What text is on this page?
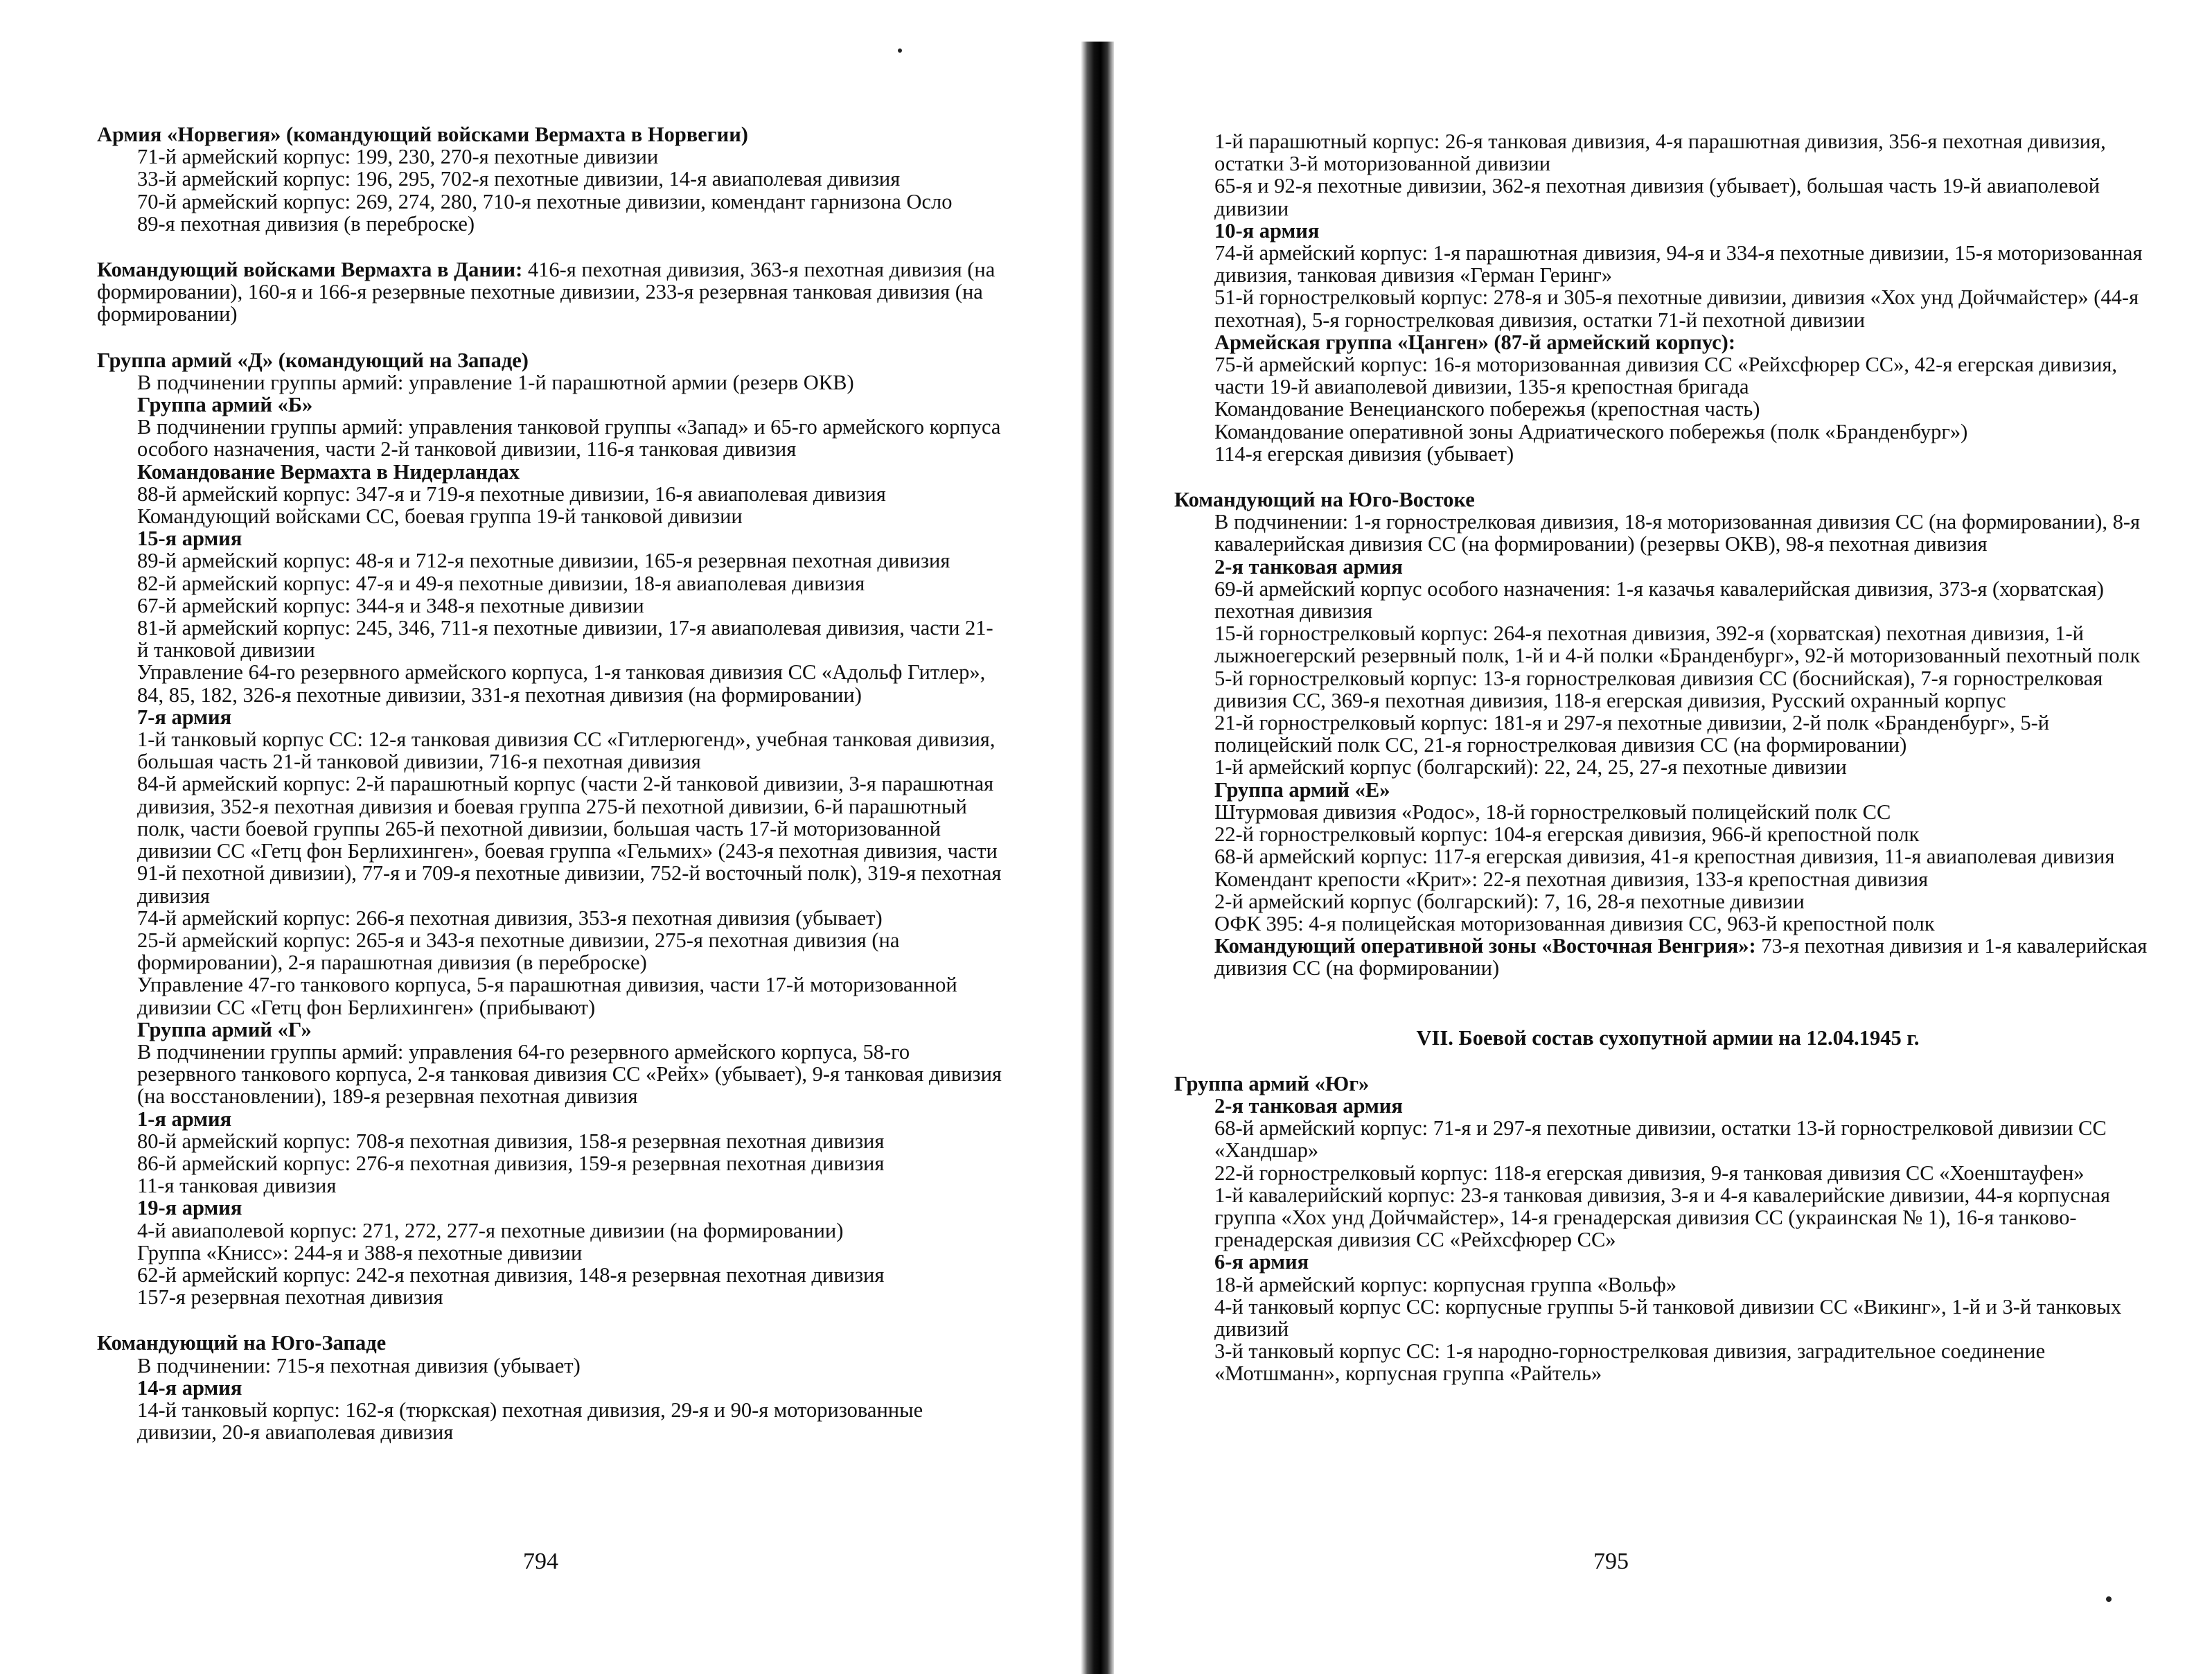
Армия «Норвегия» (командующий войсками Вермахта в Норвегии)
71-й армейский корпус: 199, 230, 270-я пехотные дивизии
33-й армейский корпус: 196, 295, 702-я пехотные дивизии, 14-я авиаполевая дивизия
70-й армейский корпус: 269, 274, 280, 710-я пехотные дивизии, комендант гарнизона Осло
89-я пехотная дивизия (в переброске)
Командующий войсками Вермахта в Дании: 416-я пехотная дивизия, 363-я пехотная дивизия (на формировании), 160-я и 166-я резервные пехотные дивизии, 233-я резервная танковая дивизия (на формировании)
Группа армий «Д» (командующий на Западе)
В подчинении группы армий: управление 1-й парашютной армии (резерв ОКВ)
Группа армий «Б»
В подчинении группы армий: управления танковой группы «Запад» и 65-го армейского корпуса особого назначения, части 2-й танковой дивизии, 116-я танковая дивизия
Командование Вермахта в Нидерландах
88-й армейский корпус: 347-я и 719-я пехотные дивизии, 16-я авиаполевая дивизия
Командующий войсками СС, боевая группа 19-й танковой дивизии
15-я армия
89-й армейский корпус: 48-я и 712-я пехотные дивизии, 165-я резервная пехотная дивизия
82-й армейский корпус: 47-я и 49-я пехотные дивизии, 18-я авиаполевая дивизия
67-й армейский корпус: 344-я и 348-я пехотные дивизии
81-й армейский корпус: 245, 346, 711-я пехотные дивизии, 17-я авиаполевая дивизия, части 21-й танковой дивизии
Управление 64-го резервного армейского корпуса, 1-я танковая дивизия СС «Адольф Гитлер», 84, 85, 182, 326-я пехотные дивизии, 331-я пехотная дивизия (на формировании)
7-я армия
1-й танковый корпус СС: 12-я танковая дивизия СС «Гитлерюгенд», учебная танковая дивизия, большая часть 21-й танковой дивизии, 716-я пехотная дивизия
84-й армейский корпус: 2-й парашютный корпус (части 2-й танковой дивизии, 3-я парашютная дивизия, 352-я пехотная дивизия и боевая группа 275-й пехотной дивизии, 6-й парашютный полк, части боевой группы 265-й пехотной дивизии, большая часть 17-й моторизованной дивизии СС «Гетц фон Берлихинген», боевая группа «Гельмих» (243-я пехотная дивизия, части 91-й пехотной дивизии), 77-я и 709-я пехотные дивизии, 752-й восточный полк), 319-я пехотная дивизия
74-й армейский корпус: 266-я пехотная дивизия, 353-я пехотная дивизия (убывает)
25-й армейский корпус: 265-я и 343-я пехотные дивизии, 275-я пехотная дивизия (на формировании), 2-я парашютная дивизия (в переброске)
Управление 47-го танкового корпуса, 5-я парашютная дивизия, части 17-й моторизованной дивизии СС «Гетц фон Берлихинген» (прибывают)
Группа армий «Г»
В подчинении группы армий: управления 64-го резервного армейского корпуса, 58-го резервного танкового корпуса, 2-я танковая дивизия СС «Рейх» (убывает), 9-я танковая дивизия (на восстановлении), 189-я резервная пехотная дивизия
1-я армия
80-й армейский корпус: 708-я пехотная дивизия, 158-я резервная пехотная дивизия
86-й армейский корпус: 276-я пехотная дивизия, 159-я резервная пехотная дивизия
11-я танковая дивизия
19-я армия
4-й авиаполевой корпус: 271, 272, 277-я пехотные дивизии (на формировании)
Группа «Книсс»: 244-я и 388-я пехотные дивизии
62-й армейский корпус: 242-я пехотная дивизия, 148-я резервная пехотная дивизия
157-я резервная пехотная дивизия
Командующий на Юго-Западе
В подчинении: 715-я пехотная дивизия (убывает)
14-я армия
14-й танковый корпус: 162-я (тюркская) пехотная дивизия, 29-я и 90-я моторизованные дивизии, 20-я авиаполевая дивизия
794
1-й парашютный корпус: 26-я танковая дивизия, 4-я парашютная дивизия, 356-я пехотная дивизия, остатки 3-й моторизованной дивизии
65-я и 92-я пехотные дивизии, 362-я пехотная дивизия (убывает), большая часть 19-й авиаполевой дивизии
10-я армия
74-й армейский корпус: 1-я парашютная дивизия, 94-я и 334-я пехотные дивизии, 15-я моторизованная дивизия, танковая дивизия «Герман Геринг»
51-й горнострелковый корпус: 278-я и 305-я пехотные дивизии, дивизия «Хох унд Дойчмайстер» (44-я пехотная), 5-я горнострелковая дивизия, остатки 71-й пехотной дивизии
Армейская группа «Цанген» (87-й армейский корпус):
75-й армейский корпус: 16-я моторизованная дивизия СС «Рейхсфюрер СС», 42-я егерская дивизия, части 19-й авиаполевой дивизии, 135-я крепостная бригада
Командование Венецианского побережья (крепостная часть)
Командование оперативной зоны Адриатического побережья (полк «Бранденбург»)
114-я егерская дивизия (убывает)
Командующий на Юго-Востоке
В подчинении: 1-я горнострелковая дивизия, 18-я моторизованная дивизия СС (на формировании), 8-я кавалерийская дивизия СС (на формировании) (резервы ОКВ), 98-я пехотная дивизия
2-я танковая армия
69-й армейский корпус особого назначения: 1-я казачья кавалерийская дивизия, 373-я (хорватская) пехотная дивизия
15-й горнострелковый корпус: 264-я пехотная дивизия, 392-я (хорватская) пехотная дивизия, 1-й лыжноегерский резервный полк, 1-й и 4-й полки «Бранденбург», 92-й моторизованный пехотный полк
5-й горнострелковый корпус: 13-я горнострелковая дивизия СС (боснийская), 7-я горнострелковая дивизия СС, 369-я пехотная дивизия, 118-я егерская дивизия, Русский охранный корпус
21-й горнострелковый корпус: 181-я и 297-я пехотные дивизии, 2-й полк «Бранденбург», 5-й полицейский полк СС, 21-я горнострелковая дивизия СС (на формировании)
1-й армейский корпус (болгарский): 22, 24, 25, 27-я пехотные дивизии
Группа армий «Е»
Штурмовая дивизия «Родос», 18-й горнострелковый полицейский полк СС
22-й горнострелковый корпус: 104-я егерская дивизия, 966-й крепостной полк
68-й армейский корпус: 117-я егерская дивизия, 41-я крепостная дивизия, 11-я авиаполевая дивизия
Комендант крепости «Крит»: 22-я пехотная дивизия, 133-я крепостная дивизия
2-й армейский корпус (болгарский): 7, 16, 28-я пехотные дивизии
ОФК 395: 4-я полицейская моторизованная дивизия СС, 963-й крепостной полк
Командующий оперативной зоны «Восточная Венгрия»: 73-я пехотная дивизия и 1-я кавалерийская дивизия СС (на формировании)
VII. Боевой состав сухопутной армии на 12.04.1945 г.
Группа армий «Юг»
2-я танковая армия
68-й армейский корпус: 71-я и 297-я пехотные дивизии, остатки 13-й горнострелковой дивизии СС «Хандшар»
22-й горнострелковый корпус: 118-я егерская дивизия, 9-я танковая дивизия СС «Хоенштауфен»
1-й кавалерийский корпус: 23-я танковая дивизия, 3-я и 4-я кавалерийские дивизии, 44-я корпусная группа «Хох унд Дойчмайстер», 14-я гренадерская дивизия СС (украинская № 1), 16-я танково-гренадерская дивизия СС «Рейхсфюрер СС»
6-я армия
18-й армейский корпус: корпусная группа «Вольф»
4-й танковый корпус СС: корпусные группы 5-й танковой дивизии СС «Викинг», 1-й и 3-й танковых дивизий
3-й танковый корпус СС: 1-я народно-горнострелковая дивизия, заградительное соединение «Мотшманн», корпусная группа «Райтель»
795
